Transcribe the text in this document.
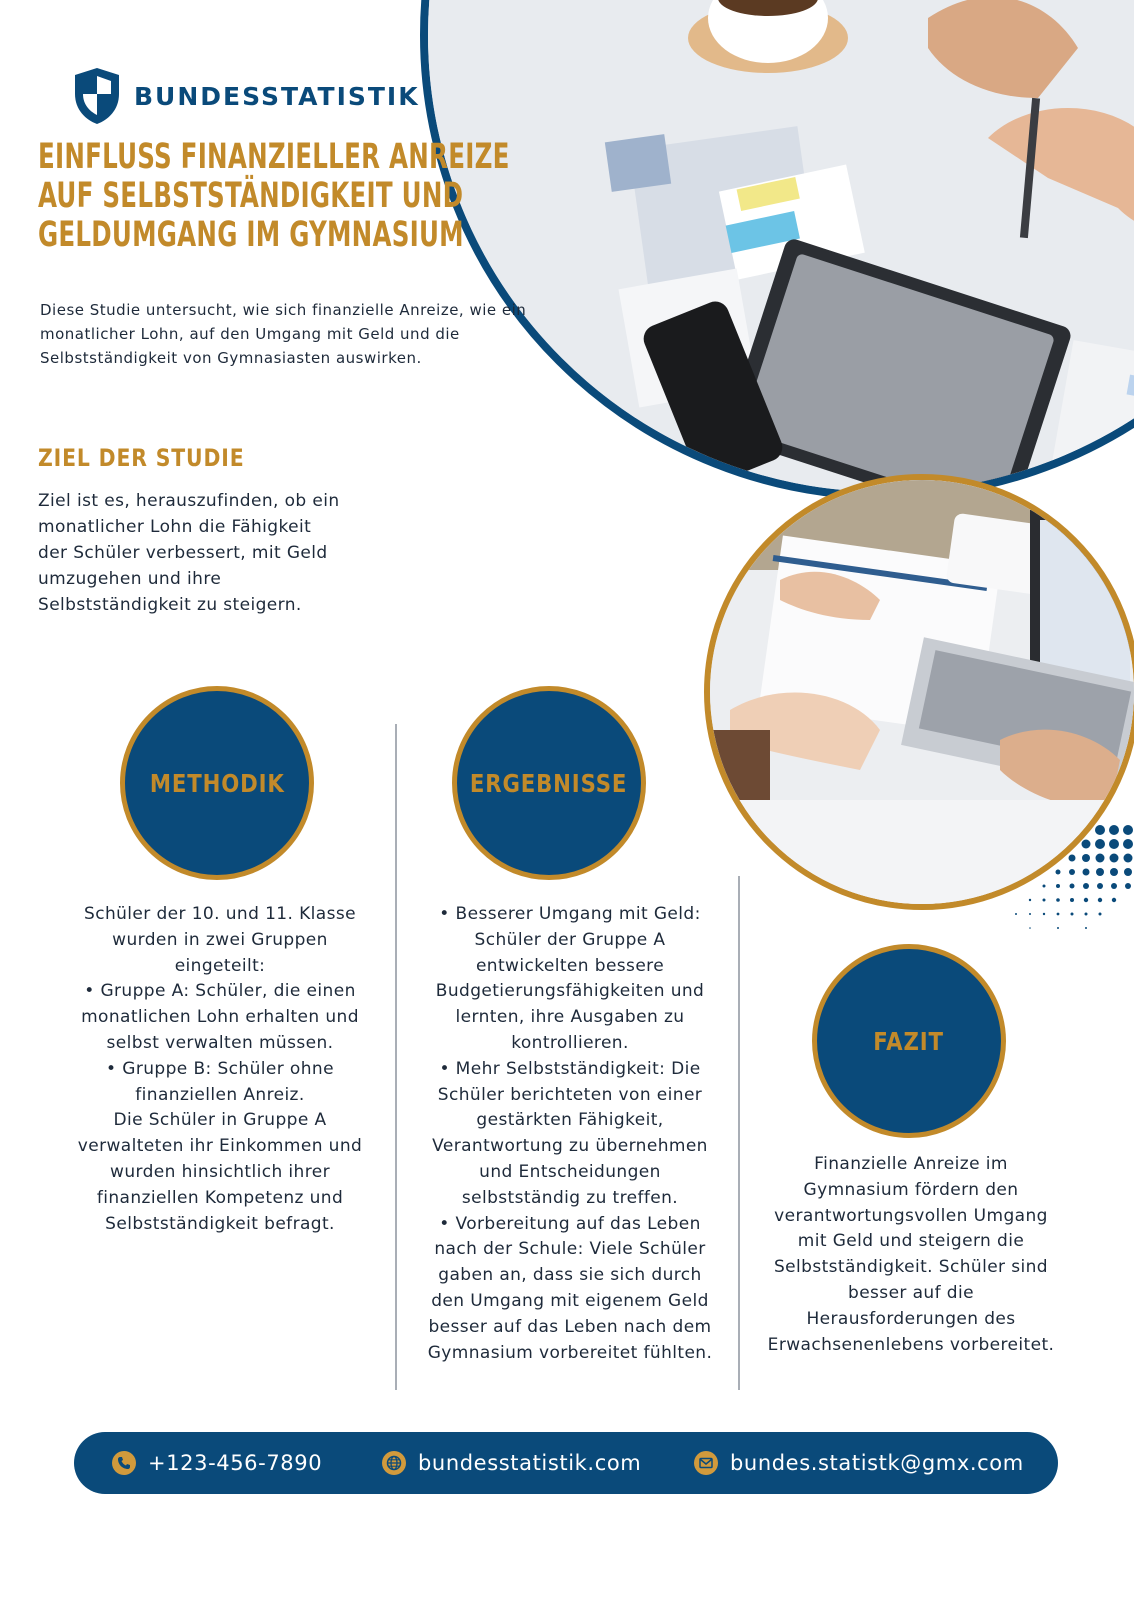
BUNDESSTATISTIK

EINFLUSS FINANZIELLER ANREIZE

AUF SELBSTSTÄNDIGKEIT UND

GELDUMGANG IM GYMNASIUM

Diese Studie untersucht, wie sich finanzielle Anreize, wie ein

monatlicher Lohn, auf den Umgang mit Geld und die

Selbstständigkeit von Gymnasiasten auswirken.

ZIEL DER STUDIE

Ziel ist es, herauszufinden, ob ein

monatlicher Lohn die Fähigkeit

der Schüler verbessert, mit Geld

umzugehen und ihre

Selbstständigkeit zu steigern.

METHODIK	ERGEBNISSE
FAZIT

Schüler der 10. und 11. Klasse

wurden in zwei Gruppen

eingeteilt:

• Gruppe A: Schüler, die einen

monatlichen Lohn erhalten und

selbst verwalten müssen.

• Gruppe B: Schüler ohne

finanziellen Anreiz.

Die Schüler in Gruppe A

verwalteten ihr Einkommen und

wurden hinsichtlich ihrer

finanziellen Kompetenz und

Selbstständigkeit befragt.

• Besserer Umgang mit Geld:

Schüler der Gruppe A

entwickelten bessere

Budgetierungsfähigkeiten und

lernten, ihre Ausgaben zu

kontrollieren.

• Mehr Selbstständigkeit: Die

Schüler berichteten von einer

gestärkten Fähigkeit,

Verantwortung zu übernehmen

und Entscheidungen

selbstständig zu treffen.

• Vorbereitung auf das Leben

nach der Schule: Viele Schüler

gaben an, dass sie sich durch

den Umgang mit eigenem Geld

besser auf das Leben nach dem

Gymnasium vorbereitet fühlten.

Finanzielle Anreize im

Gymnasium fördern den

verantwortungsvollen Umgang

mit Geld und steigern die

Selbstständigkeit. Schüler sind

besser auf die

Herausforderungen des

Erwachsenenlebens vorbereitet.

+123-456-7890	bundesstatistik.com	bundes.statistk@gmx.com
